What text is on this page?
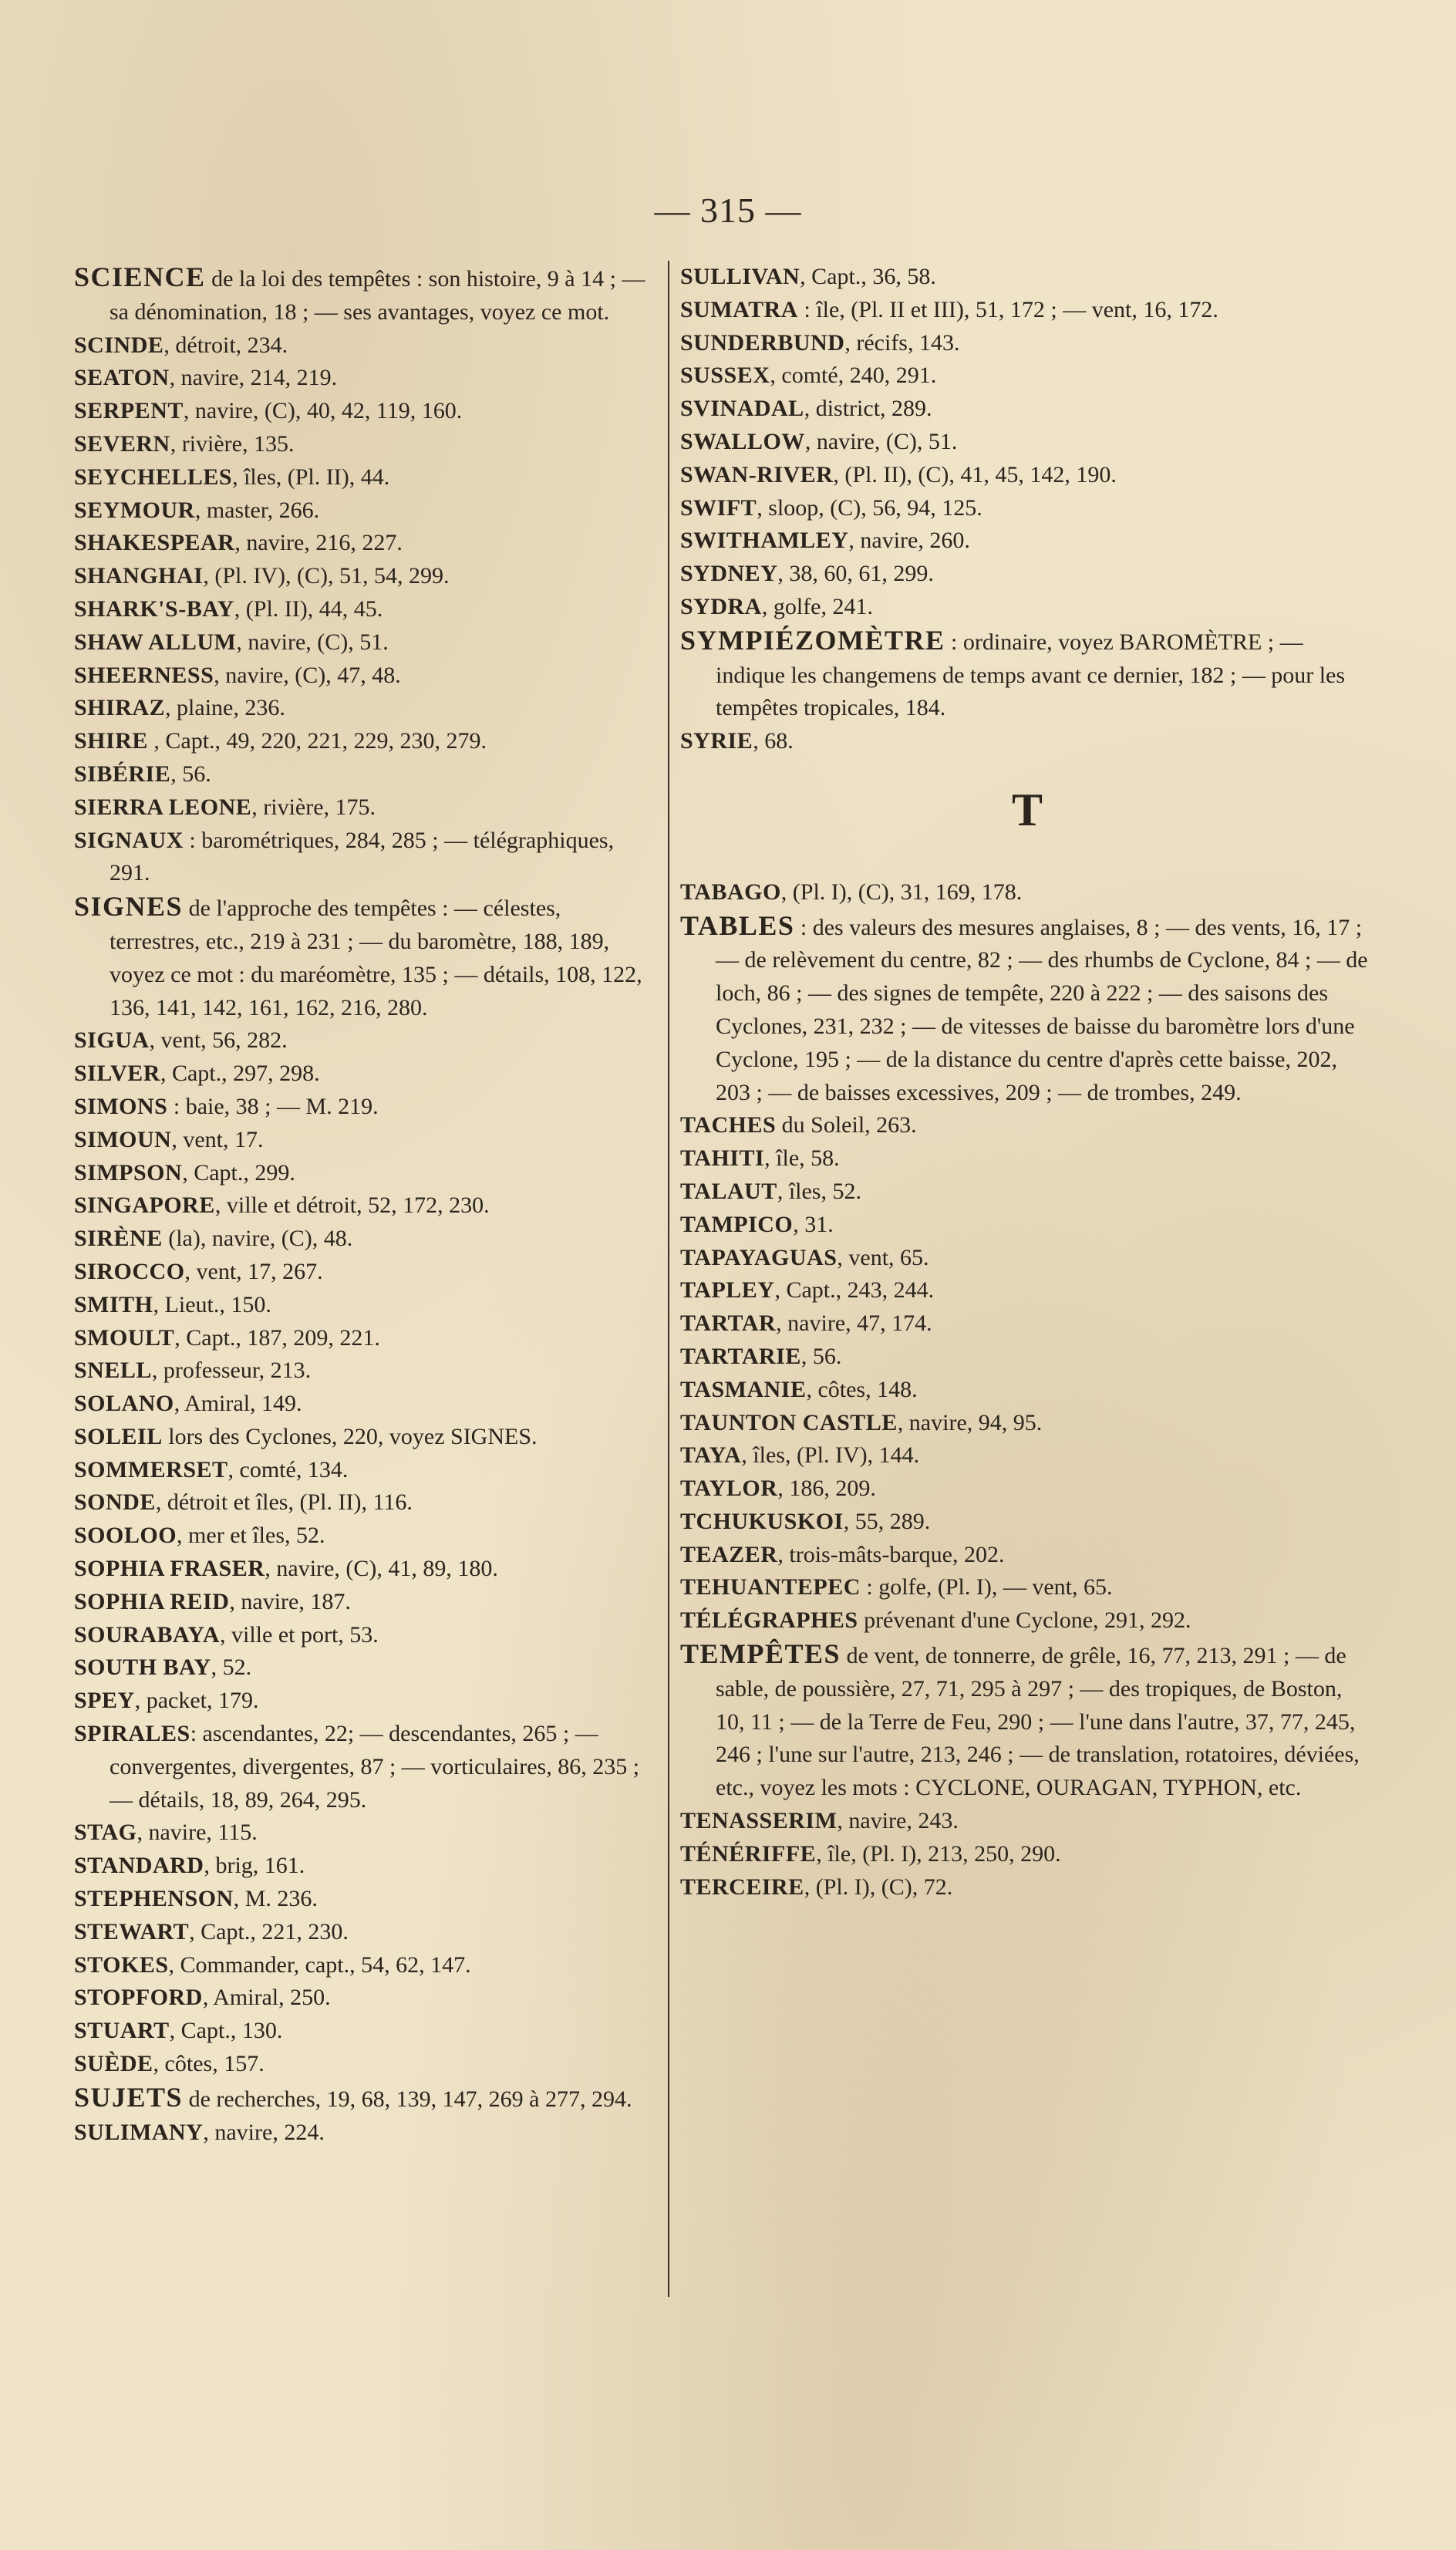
— 315 —
SCIENCE de la loi des tempêtes : son histoire, 9 à 14 ; — sa dénomination, 18 ; — ses avantages, voyez ce mot.
SCINDE, détroit, 234.
SEATON, navire, 214, 219.
SERPENT, navire, (C), 40, 42, 119, 160.
SEVERN, rivière, 135.
SEYCHELLES, îles, (Pl. II), 44.
SEYMOUR, master, 266.
SHAKESPEAR, navire, 216, 227.
SHANGHAI, (Pl. IV), (C), 51, 54, 299.
SHARK'S-BAY, (Pl. II), 44, 45.
SHAW ALLUM, navire, (C), 51.
SHEERNESS, navire, (C), 47, 48.
SHIRAZ, plaine, 236.
SHIRE , Capt., 49, 220, 221, 229, 230, 279.
SIBÉRIE, 56.
SIERRA LEONE, rivière, 175.
SIGNAUX : barométriques, 284, 285 ; — télégraphiques, 291.
SIGNES de l'approche des tempêtes : — célestes, terrestres, etc., 219 à 231 ; — du baromètre, 188, 189, voyez ce mot : du maréomètre, 135 ; — détails, 108, 122, 136, 141, 142, 161, 162, 216, 280.
SIGUA, vent, 56, 282.
SILVER, Capt., 297, 298.
SIMONS : baie, 38 ; — M. 219.
SIMOUN, vent, 17.
SIMPSON, Capt., 299.
SINGAPORE, ville et détroit, 52, 172, 230.
SIRÈNE (la), navire, (C), 48.
SIROCCO, vent, 17, 267.
SMITH, Lieut., 150.
SMOULT, Capt., 187, 209, 221.
SNELL, professeur, 213.
SOLANO, Amiral, 149.
SOLEIL lors des Cyclones, 220, voyez SIGNES.
SOMMERSET, comté, 134.
SONDE, détroit et îles, (Pl. II), 116.
SOOLOO, mer et îles, 52.
SOPHIA FRASER, navire, (C), 41, 89, 180.
SOPHIA REID, navire, 187.
SOURABAYA, ville et port, 53.
SOUTH BAY, 52.
SPEY, packet, 179.
SPIRALES: ascendantes, 22; — descendantes, 265 ; — convergentes, divergentes, 87 ; — vorticulaires, 86, 235 ; — détails, 18, 89, 264, 295.
STAG, navire, 115.
STANDARD, brig, 161.
STEPHENSON, M. 236.
STEWART, Capt., 221, 230.
STOKES, Commander, capt., 54, 62, 147.
STOPFORD, Amiral, 250.
STUART, Capt., 130.
SUÈDE, côtes, 157.
SUJETS de recherches, 19, 68, 139, 147, 269 à 277, 294.
SULIMANY, navire, 224.
SULLIVAN, Capt., 36, 58.
SUMATRA : île, (Pl. II et III), 51, 172 ; — vent, 16, 172.
SUNDERBUND, récifs, 143.
SUSSEX, comté, 240, 291.
SVINADAL, district, 289.
SWALLOW, navire, (C), 51.
SWAN-RIVER, (Pl. II), (C), 41, 45, 142, 190.
SWIFT, sloop, (C), 56, 94, 125.
SWITHAMLEY, navire, 260.
SYDNEY, 38, 60, 61, 299.
SYDRA, golfe, 241.
SYMPIÉZOMÈTRE : ordinaire, voyez BAROMÈTRE ; — indique les changemens de temps avant ce dernier, 182 ; — pour les tempêtes tropicales, 184.
SYRIE, 68.
T
TABAGO, (Pl. I), (C), 31, 169, 178.
TABLES : des valeurs des mesures anglaises, 8 ; — des vents, 16, 17 ; — de relèvement du centre, 82 ; — des rhumbs de Cyclone, 84 ; — de loch, 86 ; — des signes de tempête, 220 à 222 ; — des saisons des Cyclones, 231, 232 ; — de vitesses de baisse du baromètre lors d'une Cyclone, 195 ; — de la distance du centre d'après cette baisse, 202, 203 ; — de baisses excessives, 209 ; — de trombes, 249.
TACHES du Soleil, 263.
TAHITI, île, 58.
TALAUT, îles, 52.
TAMPICO, 31.
TAPAYAGUAS, vent, 65.
TAPLEY, Capt., 243, 244.
TARTAR, navire, 47, 174.
TARTARIE, 56.
TASMANIE, côtes, 148.
TAUNTON CASTLE, navire, 94, 95.
TAYA, îles, (Pl. IV), 144.
TAYLOR, 186, 209.
TCHUKUSKOI, 55, 289.
TEAZER, trois-mâts-barque, 202.
TEHUANTEPEC : golfe, (Pl. I), — vent, 65.
TÉLÉGRAPHES prévenant d'une Cyclone, 291, 292.
TEMPÊTES de vent, de tonnerre, de grêle, 16, 77, 213, 291 ; — de sable, de poussière, 27, 71, 295 à 297 ; — des tropiques, de Boston, 10, 11 ; — de la Terre de Feu, 290 ; — l'une dans l'autre, 37, 77, 245, 246 ; l'une sur l'autre, 213, 246 ; — de translation, rotatoires, déviées, etc., voyez les mots : CYCLONE, OURAGAN, TYPHON, etc.
TENASSERIM, navire, 243.
TÉNÉRIFFE, île, (Pl. I), 213, 250, 290.
TERCEIRE, (Pl. I), (C), 72.
